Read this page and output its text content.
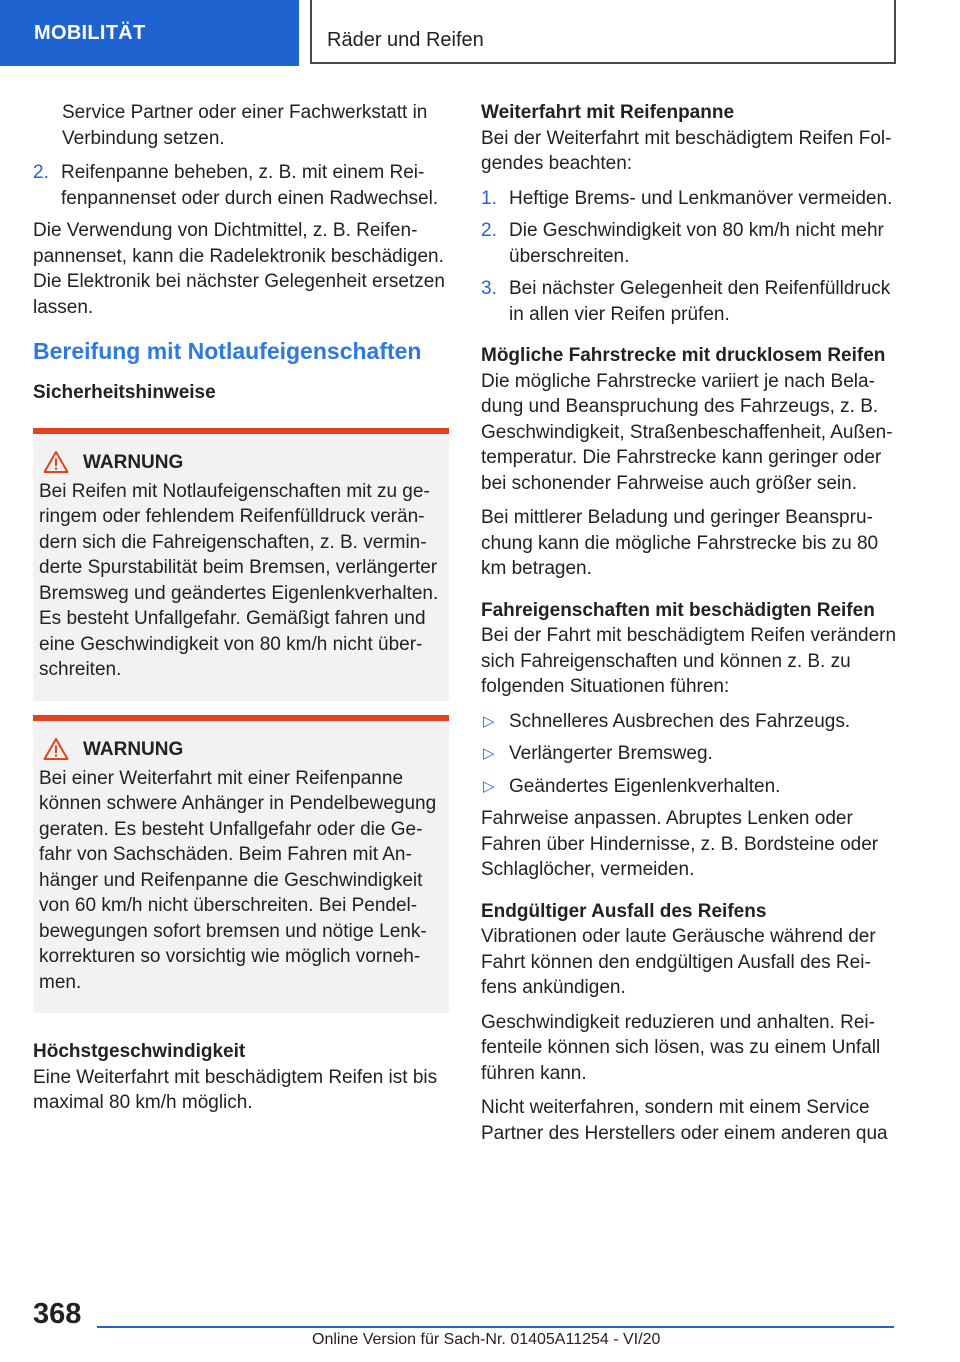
MOBILITÄT	Räder und Reifen

Service Partner oder einer Fachwerkstatt in Verbindung setzen.

2. Reifenpanne beheben, z. B. mit einem Reifenpannenset oder durch einen Radwechsel.

Die Verwendung von Dichtmittel, z. B. Reifenpannenset, kann die Radelektronik beschädigen. Die Elektronik bei nächster Gelegenheit ersetzen lassen.

Bereifung mit Notlaufeigenschaften
Sicherheitshinweise
WARNUNG

Bei Reifen mit Notlaufeigenschaften mit zu geringem oder fehlendem Reifenfülldruck verändern sich die Fahreigenschaften, z. B. verminderte Spurstabilität beim Bremsen, verlängerter Bremsweg und geändertes Eigenlenkverhalten. Es besteht Unfallgefahr. Gemäßigt fahren und eine Geschwindigkeit von 80 km/h nicht überschreiten.

WARNUNG

Bei einer Weiterfahrt mit einer Reifenpanne können schwere Anhänger in Pendelbewegung geraten. Es besteht Unfallgefahr oder die Gefahr von Sachschäden. Beim Fahren mit Anhänger und Reifenpanne die Geschwindigkeit von 60 km/h nicht überschreiten. Bei Pendelbewegungen sofort bremsen und nötige Lenkkorrekturen so vorsichtig wie möglich vornehmen.

Höchstgeschwindigkeit

Eine Weiterfahrt mit beschädigtem Reifen ist bis maximal 80 km/h möglich.

Weiterfahrt mit Reifenpanne

Bei der Weiterfahrt mit beschädigtem Reifen Folgendes beachten:

1. Heftige Brems- und Lenkmanöver vermeiden.
2. Die Geschwindigkeit von 80 km/h nicht mehr überschreiten.
3. Bei nächster Gelegenheit den Reifenfülldruck in allen vier Reifen prüfen.
Mögliche Fahrstrecke mit drucklosem Reifen

Die mögliche Fahrstrecke variiert je nach Beladung und Beanspruchung des Fahrzeugs, z. B. Geschwindigkeit, Straßenbeschaffenheit, Außentemperatur. Die Fahrstrecke kann geringer oder bei schonender Fahrweise auch größer sein.

Bei mittlerer Beladung und geringer Beanspruchung kann die mögliche Fahrstrecke bis zu 80 km betragen.

Fahreigenschaften mit beschädigten Reifen

Bei der Fahrt mit beschädigtem Reifen verändern sich Fahreigenschaften und können z. B. zu folgenden Situationen führen:

▷ Schnelleres Ausbrechen des Fahrzeugs.
▷ Verlängerter Bremsweg.
▷ Geändertes Eigenlenkverhalten.

Fahrweise anpassen. Abruptes Lenken oder Fahren über Hindernisse, z. B. Bordsteine oder Schlaglöcher, vermeiden.

Endgültiger Ausfall des Reifens

Vibrationen oder laute Geräusche während der Fahrt können den endgültigen Ausfall des Reifens ankündigen.

Geschwindigkeit reduzieren und anhalten. Reifenteile können sich lösen, was zu einem Unfall führen kann.

Nicht weiterfahren, sondern mit einem Service Partner des Herstellers oder einem anderen qua

368
Online Version für Sach-Nr. 01405A11254 - VI/20
